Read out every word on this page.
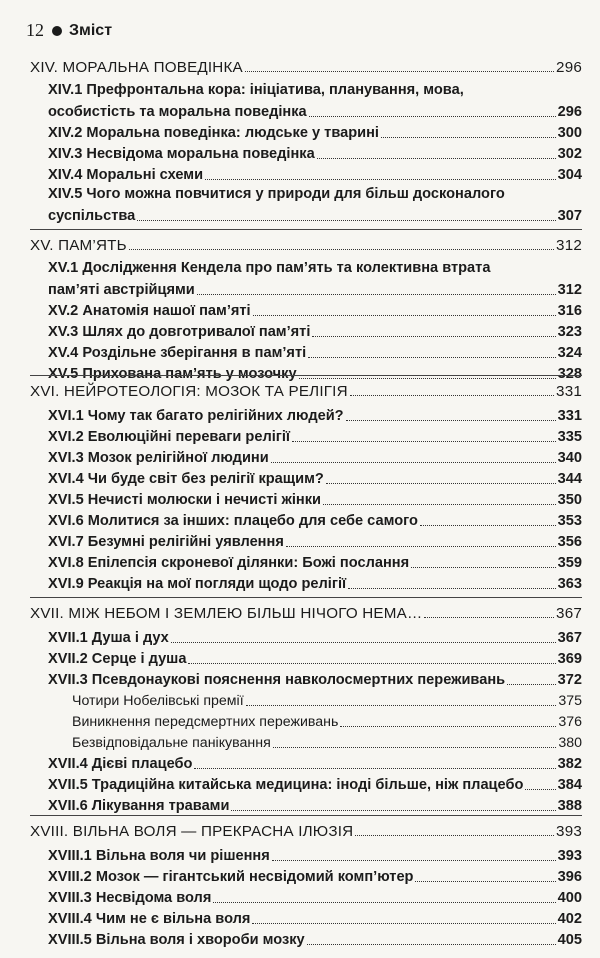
12 Зміст
XIV. МОРАЛЬНА ПОВЕДІНКА	296
XIV.1 Префронтальна кора: ініціатива, планування, мова,
особистість та моральна поведінка	296
XIV.2 Моральна поведінка: людське у тварині	300
XIV.3 Несвідома моральна поведінка	302
XIV.4 Моральні схеми	304
XIV.5 Чого можна повчитися у природи для більш досконалого
суспільства	307
XV. ПАМ’ЯТЬ	312
XV.1 Дослідження Кендела про пам’ять та колективна втрата
пам’яті австрійцями	312
XV.2 Анатомія нашої пам’яті	316
XV.3 Шлях до довготривалої пам’яті	323
XV.4 Роздільне зберігання в пам’яті	324
XV.5 Прихована пам’ять у мозочку	328
XVI. НЕЙРОТЕОЛОГІЯ: МОЗОК ТА РЕЛІГІЯ	331
XVI.1 Чому так багато релігійних людей?	331
XVI.2 Еволюційні переваги релігії	335
XVI.3 Мозок релігійної людини	340
XVI.4 Чи буде світ без релігії кращим?	344
XVI.5 Нечисті молюски і нечисті жінки	350
XVI.6 Молитися за інших: плацебо для себе самого	353
XVI.7 Безумні релігійні уявлення	356
XVI.8 Епілепсія скроневої ділянки: Божі послання	359
XVI.9 Реакція на мої погляди щодо релігії	363
XVII. МІЖ НЕБОМ І ЗЕМЛЕЮ БІЛЬШ НІЧОГО НЕМА…	367
XVII.1 Душа і дух	367
XVII.2 Серце і душа	369
XVII.3 Псевдонаукові пояснення навколосмертних переживань	372
Чотири Нобелівські премії	375
Виникнення передсмертних переживань	376
Безвідповідальне панікування	380
XVII.4 Дієві плацебо	382
XVII.5 Традиційна китайська медицина: іноді більше, ніж плацебо 384
XVII.6 Лікування травами	388
XVIII. ВІЛЬНА ВОЛЯ — ПРЕКРАСНА ІЛЮЗІЯ	393
XVIII.1 Вільна воля чи рішення	393
XVIII.2 Мозок — гігантський несвідомий комп’ютер	396
XVIII.3 Несвідома воля	400
XVIII.4 Чим не є вільна воля	402
XVIII.5 Вільна воля і хвороби мозку	405
